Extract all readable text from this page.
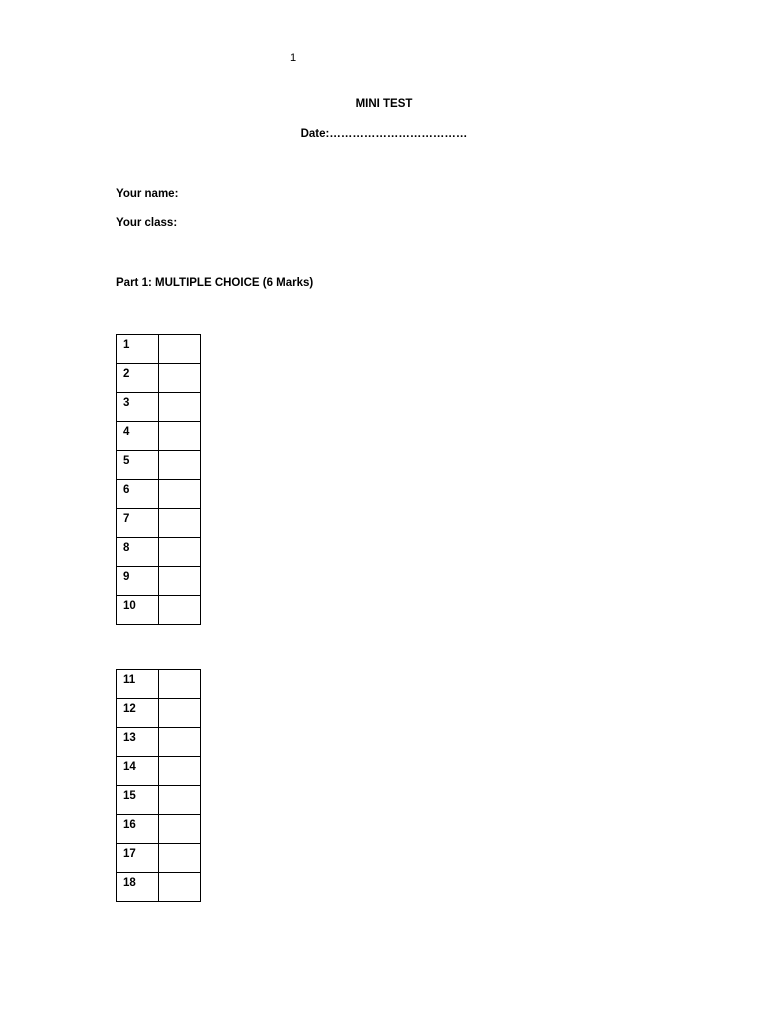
1
MINI TEST
Date:………………………………
Your name:
Your class:
Part 1: MULTIPLE CHOICE (6 Marks)
1	
2	
3	
4	
5	
6	
7	
8	
9	
10	
11	
12	
13	
14	
15	
16	
17	
18	
